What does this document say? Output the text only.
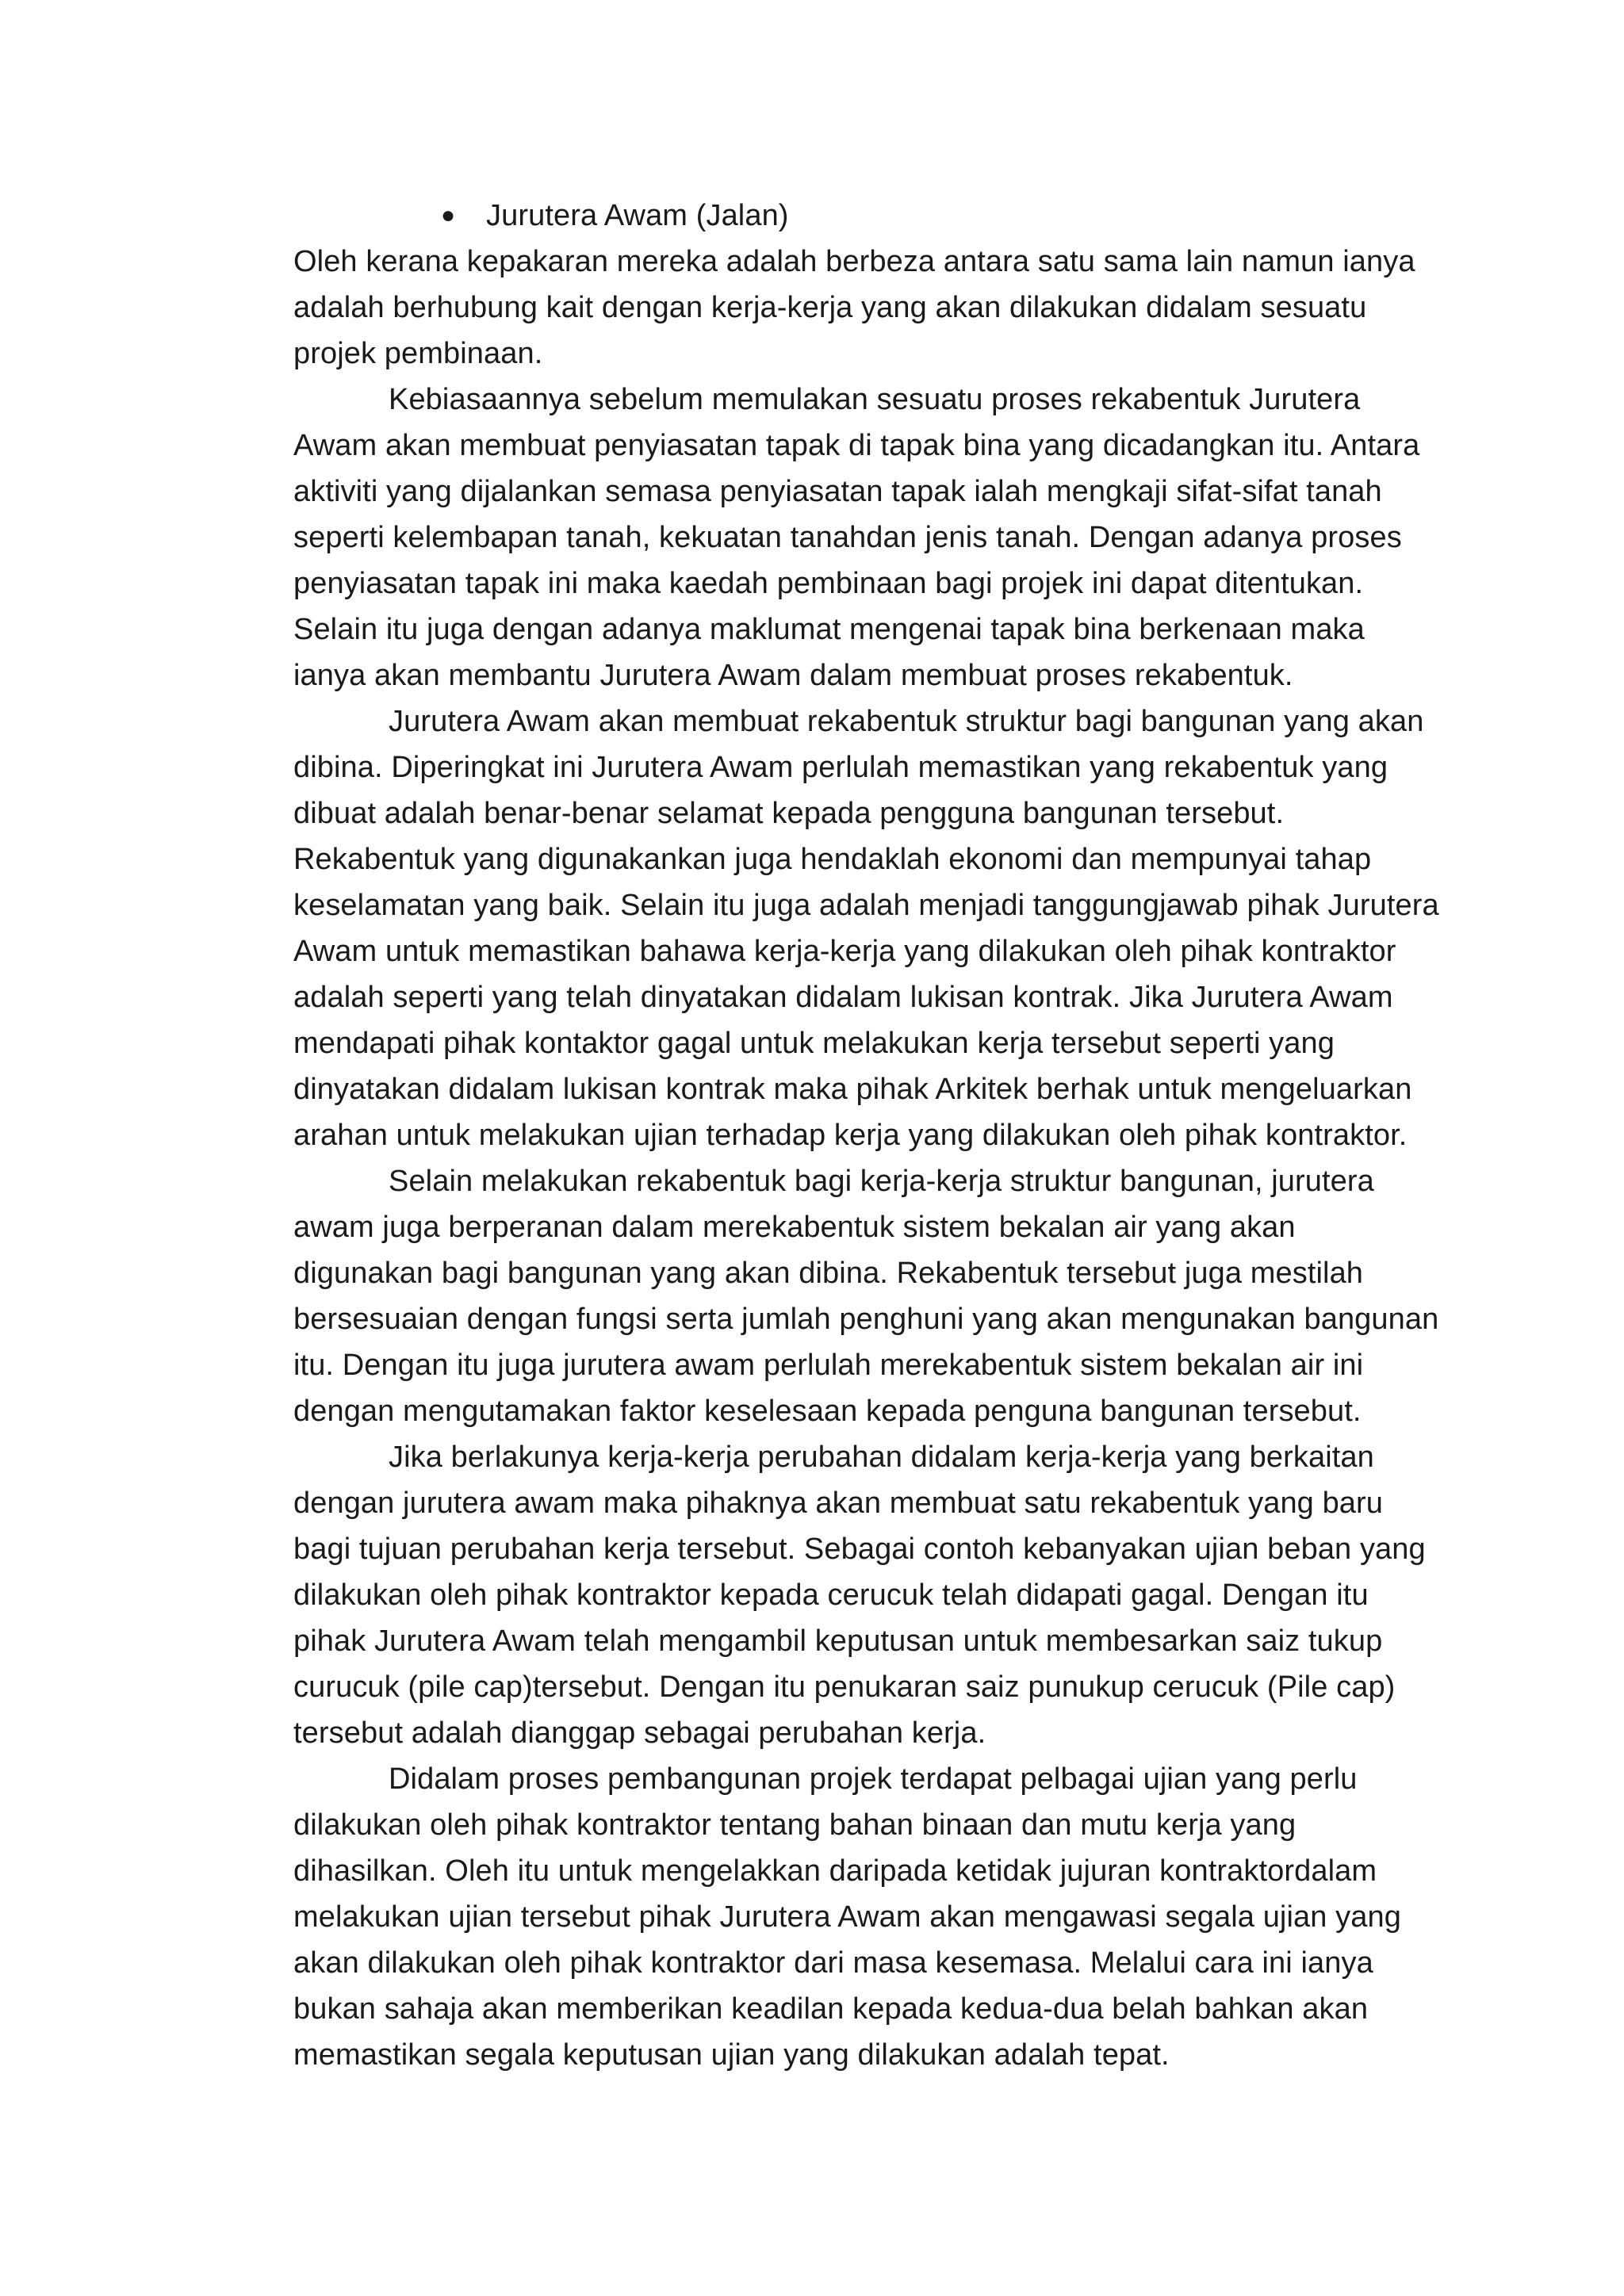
● Jurutera Awam (Jalan)

Oleh kerana kepakaran mereka adalah berbeza antara satu sama lain namun ianya adalah berhubung kait dengan kerja-kerja yang akan dilakukan didalam sesuatu projek pembinaan.

Kebiasaannya sebelum memulakan sesuatu proses rekabentuk Jurutera Awam akan membuat penyiasatan tapak di tapak bina yang dicadangkan itu. Antara aktiviti yang dijalankan semasa penyiasatan tapak ialah mengkaji sifat-sifat tanah seperti kelembapan tanah, kekuatan tanahdan jenis tanah. Dengan adanya proses penyiasatan tapak ini maka kaedah pembinaan bagi projek ini dapat ditentukan. Selain itu juga dengan adanya maklumat mengenai tapak bina berkenaan maka ianya akan membantu Jurutera Awam dalam membuat proses rekabentuk.

Jurutera Awam akan membuat rekabentuk struktur bagi bangunan yang akan dibina. Diperingkat ini Jurutera Awam perlulah memastikan yang rekabentuk yang dibuat adalah benar-benar selamat kepada pengguna bangunan tersebut. Rekabentuk yang digunakankan juga hendaklah ekonomi dan mempunyai tahap keselamatan yang baik. Selain itu juga adalah menjadi tanggungjawab pihak Jurutera Awam untuk memastikan bahawa kerja-kerja yang dilakukan oleh pihak kontraktor adalah seperti yang telah dinyatakan didalam lukisan kontrak. Jika Jurutera Awam mendapati pihak kontaktor gagal untuk melakukan kerja tersebut seperti yang dinyatakan didalam lukisan kontrak maka pihak Arkitek berhak untuk mengeluarkan arahan untuk melakukan ujian terhadap kerja yang dilakukan oleh pihak kontraktor.

Selain melakukan rekabentuk bagi kerja-kerja struktur bangunan, jurutera awam juga berperanan dalam merekabentuk sistem bekalan air yang akan digunakan bagi bangunan yang akan dibina. Rekabentuk tersebut juga mestilah bersesuaian dengan fungsi serta jumlah penghuni yang akan mengunakan bangunan itu. Dengan itu juga jurutera awam perlulah merekabentuk sistem bekalan air ini dengan mengutamakan faktor keselesaan kepada penguna bangunan tersebut.

Jika berlakunya kerja-kerja perubahan didalam kerja-kerja yang berkaitan dengan jurutera awam maka pihaknya akan membuat satu rekabentuk yang baru bagi tujuan perubahan kerja tersebut. Sebagai contoh kebanyakan ujian beban yang dilakukan oleh pihak kontraktor kepada cerucuk telah didapati gagal. Dengan itu pihak Jurutera Awam telah mengambil keputusan untuk membesarkan saiz tukup curucuk (pile cap)tersebut. Dengan itu penukaran saiz punukup cerucuk (Pile cap) tersebut adalah dianggap sebagai perubahan kerja.

Didalam proses pembangunan projek terdapat pelbagai ujian yang perlu dilakukan oleh pihak kontraktor tentang bahan binaan dan mutu kerja yang dihasilkan. Oleh itu untuk mengelakkan daripada ketidak jujuran kontraktordalam melakukan ujian tersebut pihak Jurutera Awam akan mengawasi segala ujian yang akan dilakukan oleh pihak kontraktor dari masa kesemasa. Melalui cara ini ianya bukan sahaja akan memberikan keadilan kepada kedua-dua belah bahkan akan memastikan segala keputusan ujian yang dilakukan adalah tepat.
